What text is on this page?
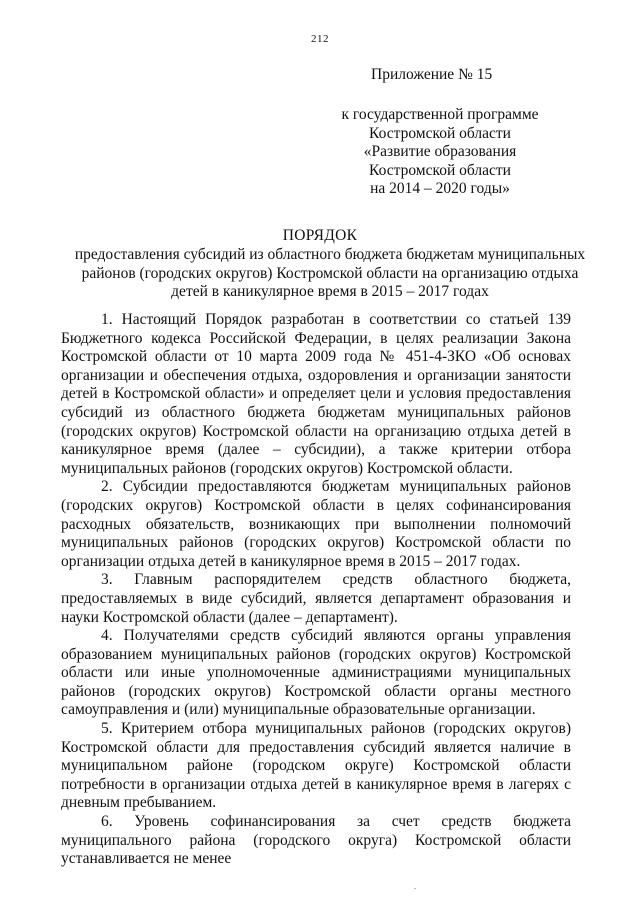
212
Приложение № 15
к государственной программе
Костромской области
«Развитие образования
Костромской области
на 2014 – 2020 годы»
ПОРЯДОК
предоставления субсидий из областного бюджета бюджетам муниципальных
районов (городских округов) Костромской области на организацию отдыха
детей в каникулярное время в 2015 – 2017 годах
1. Настоящий Порядок разработан в соответствии со статьей 139 Бюджетного кодекса Российской Федерации, в целях реализации Закона Костромской области от 10 марта 2009 года № 451-4-ЗКО «Об основах организации и обеспечения отдыха, оздоровления и организации занятости детей в Костромской области» и определяет цели и условия предоставления субсидий из областного бюджета бюджетам муниципальных районов (городских округов) Костромской области на организацию отдыха детей в каникулярное время (далее – субсидии), а также критерии отбора муниципальных районов (городских округов) Костромской области.
2. Субсидии предоставляются бюджетам муниципальных районов (городских округов) Костромской области в целях софинансирования расходных обязательств, возникающих при выполнении полномочий муниципальных районов (городских округов) Костромской области по организации отдыха детей в каникулярное время в 2015 – 2017 годах.
3. Главным распорядителем средств областного бюджета, предоставляемых в виде субсидий, является департамент образования и науки Костромской области (далее – департамент).
4. Получателями средств субсидий являются органы управления образованием муниципальных районов (городских округов) Костромской области или иные уполномоченные администрациями муниципальных районов (городских округов) Костромской области органы местного самоуправления и (или) муниципальные образовательные организации.
5. Критерием отбора муниципальных районов (городских округов) Костромской области для предоставления субсидий является наличие в муниципальном районе (городском округе) Костромской области потребности в организации отдыха детей в каникулярное время в лагерях с дневным пребыванием.
6. Уровень софинансирования за счет средств бюджета муниципального района (городского округа) Костромской области устанавливается не менее
.
